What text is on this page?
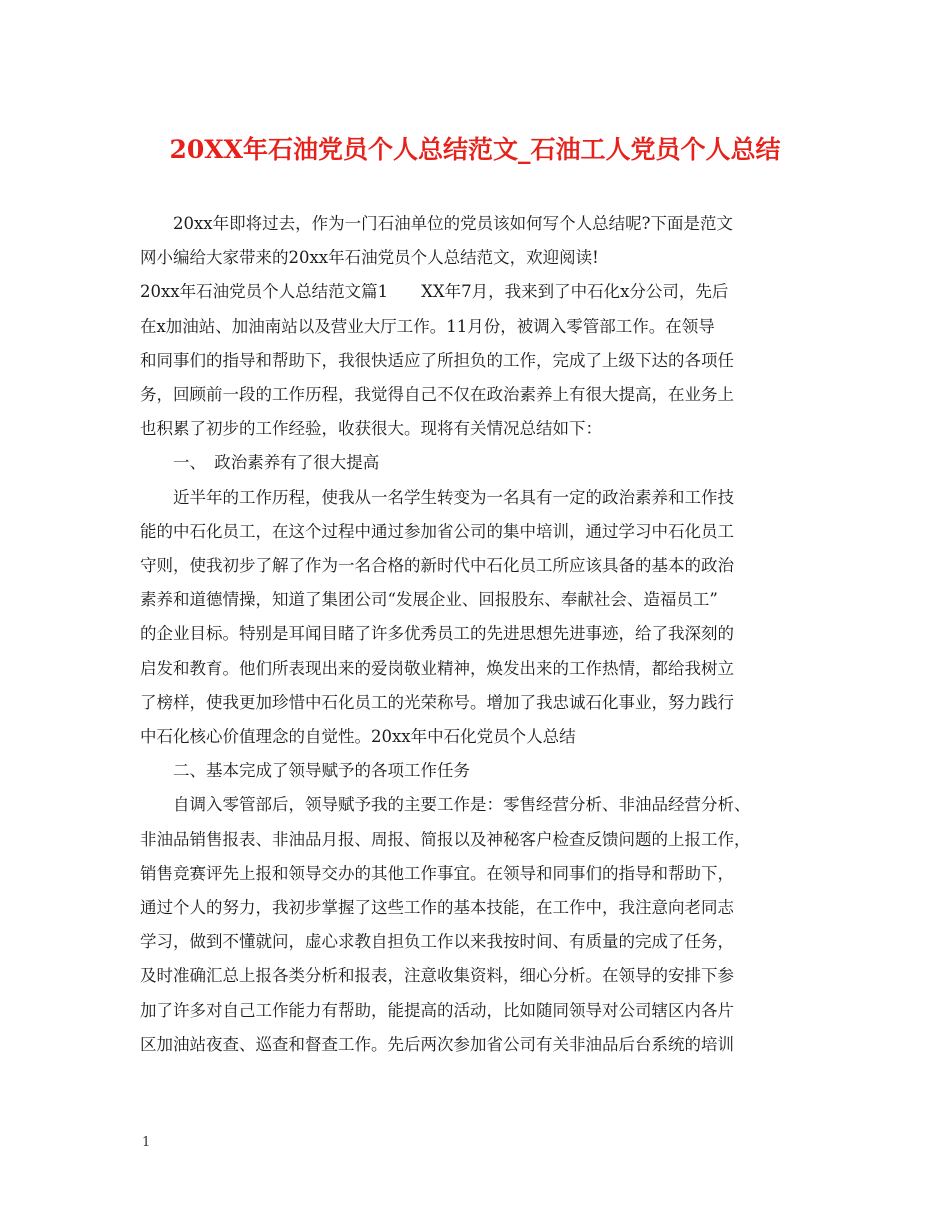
20XX年石油党员个人总结范文_石油工人党员个人总结

20xx年即将过去，作为一门石油单位的党员该如何写个人总结呢?下面是范文

网小编给大家带来的20xx年石油党员个人总结范文，欢迎阅读!

20xx年石油党员个人总结范文篇1　　XX年7月，我来到了中石化x分公司，先后

在x加油站、加油南站以及营业大厅工作。11月份，被调入零管部工作。在领导

和同事们的指导和帮助下，我很快适应了所担负的工作，完成了上级下达的各项任

务，回顾前一段的工作历程，我觉得自己不仅在政治素养上有很大提高，在业务上

也积累了初步的工作经验，收获很大。现将有关情况总结如下：

一、　政治素养有了很大提高

近半年的工作历程，使我从一名学生转变为一名具有一定的政治素养和工作技

能的中石化员工，在这个过程中通过参加省公司的集中培训，通过学习中石化员工

守则，使我初步了解了作为一名合格的新时代中石化员工所应该具备的基本的政治

素养和道德情操，知道了集团公司“发展企业、回报股东、奉献社会、造福员工”

的企业目标。特别是耳闻目睹了许多优秀员工的先进思想先进事迹，给了我深刻的

启发和教育。他们所表现出来的爱岗敬业精神，焕发出来的工作热情，都给我树立

了榜样，使我更加珍惜中石化员工的光荣称号。增加了我忠诚石化事业，努力践行

中石化核心价值理念的自觉性。20xx年中石化党员个人总结

二、基本完成了领导赋予的各项工作任务

自调入零管部后，领导赋予我的主要工作是：零售经营分析、非油品经营分析、

非油品销售报表、非油品月报、周报、简报以及神秘客户检查反馈问题的上报工作，

销售竞赛评先上报和领导交办的其他工作事宜。在领导和同事们的指导和帮助下，

通过个人的努力，我初步掌握了这些工作的基本技能，在工作中，我注意向老同志

学习，做到不懂就问，虚心求教自担负工作以来我按时间、有质量的完成了任务，

及时准确汇总上报各类分析和报表，注意收集资料，细心分析。在领导的安排下参

加了许多对自己工作能力有帮助，能提高的活动，比如随同领导对公司辖区内各片

区加油站夜查、巡查和督查工作。先后两次参加省公司有关非油品后台系统的培训

1
